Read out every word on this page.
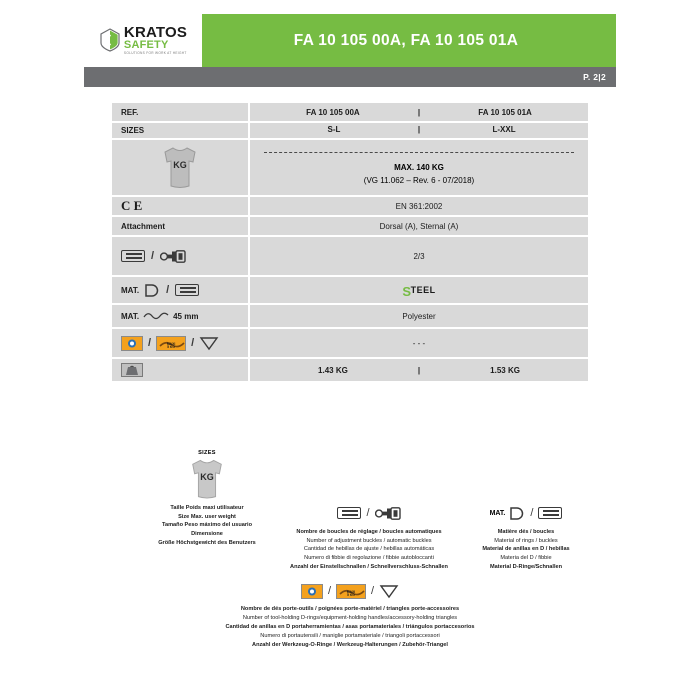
KRATOS
SAFETY
SOLUTIONS FOR WORK AT HEIGHT
FA 10 105 00A, FA 10 105 01A
P. 2|2
REF.	FA 10 105 00A	|	FA 10 105 01A
SIZES	S-L	|	L-XXL
KG	MAX. 140 KG
(VG 11.062 – Rev. 6 - 07/2018)
C E	EN 361:2002
Attachment	Dorsal (A), Sternal (A)
/	2/3
MAT. /	S TEEL
MAT.	45 mm	Polyester
/	MAXI
5 KG /	- - -
1.43 KG	|	1.53 KG
SIZES
KG
Taille Poids maxi utilisateur
Size Max. user weight
Tamaño Peso máximo del usuario
Dimensione
Größe Höchstgewicht des Benutzers
/
Nombre de boucles de réglage / boucles automatiques
Number of adjustment buckles / automatic buckles
Cantidad de hebillas de ajuste / hebillas automáticas
Numero di fibbie di regolazione / fibbie autobloccanti
Anzahl der Einstellschnallen / Schnellverschluss-Schnallen
MAT. /
Matière dés / boucles
Material of rings / buckles
Material de anillas en D / hebillas
Materia del D / fibbie
Material D-Ringe/Schnallen
/	MAXI
5 KG /
Nombre de dés porte-outils / poignées porte-matériel / triangles porte-accessoires
Number of tool-holding D-rings/equipment-holding handles/accessory-holding triangles
Cantidad de anillas en D portaherramientas / asas portamateriales / triángulos portaccesorios
Numero di portautensili / maniglie portamateriale / triangoli portaccessori
Anzahl der Werkzeug-O-Ringe / Werkzeug-Halterungen / Zubehör-Triangel
